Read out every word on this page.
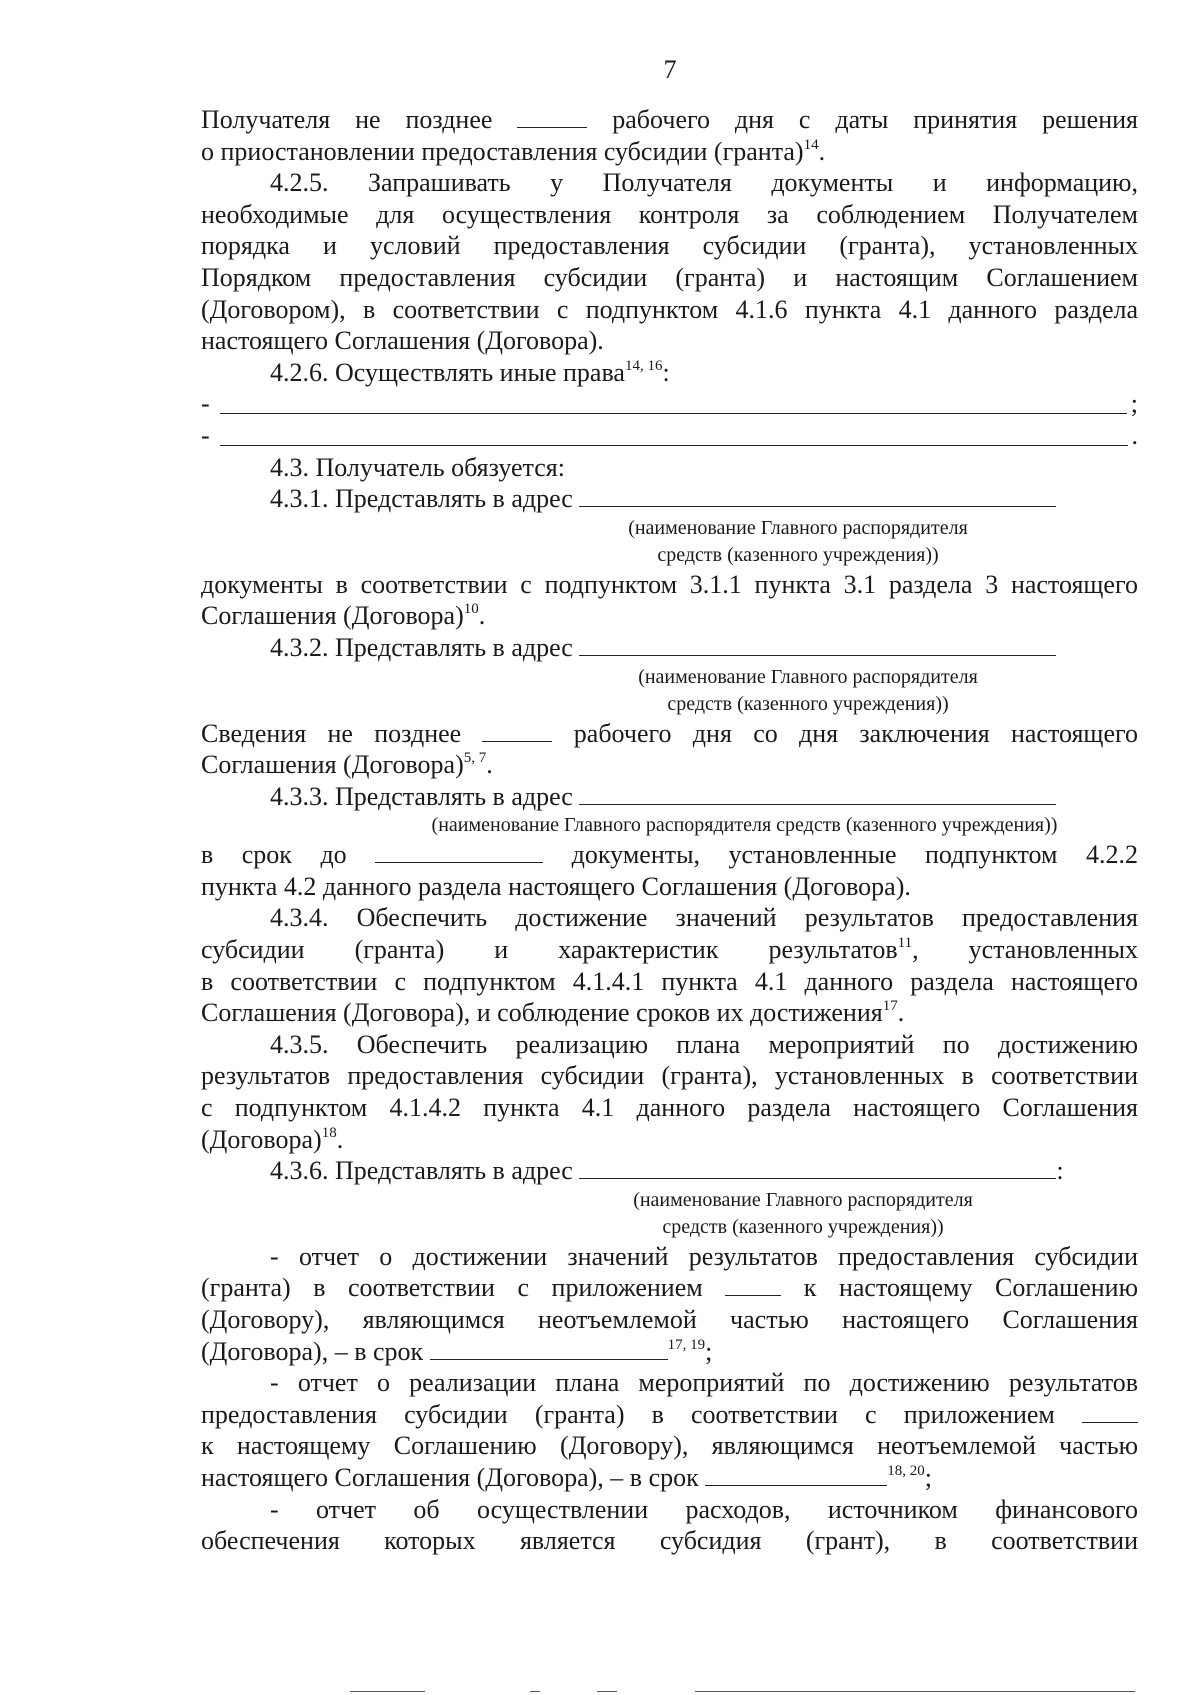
7
Получателя не позднее	рабочего дня с даты принятия решения
о приостановлении предоставления субсидии (гранта)$^{14}$.
4.2.5. Запрашивать у Получателя документы и информацию,
необходимые для осуществления контроля за соблюдением Получателем
порядка и условий предоставления субсидии (гранта), установленных
Порядком предоставления субсидии (гранта) и настоящим Соглашением
(Договором), в соответствии с подпунктом 4.1.6 пункта 4.1 данного раздела
настоящего Соглашения (Договора).
4.2.6. Осуществлять иные права$^{14, 16}$:
-	;
-	.
4.3. Получатель обязуется:
4.3.1. Представлять в адрес
(наименование Главного распорядителя
средств (казенного учреждения))
документы в соответствии с подпунктом 3.1.1 пункта 3.1 раздела 3 настоящего
Соглашения (Договора)$^{10}$.
4.3.2. Представлять в адрес
(наименование Главного распорядителя
средств (казенного учреждения))
Сведения не позднее	рабочего дня со дня заключения настоящего
Соглашения (Договора)$^{5, 7}$.
4.3.3. Представлять в адрес
(наименование Главного распорядителя средств (казенного учреждения))
в срок до	документы, установленные подпунктом 4.2.2
пункта 4.2 данного раздела настоящего Соглашения (Договора).
4.3.4. Обеспечить достижение значений результатов предоставления
субсидии (гранта) и характеристик результатов$^{11}$, установленных
в соответствии с подпунктом 4.1.4.1 пункта 4.1 данного раздела настоящего
Соглашения (Договора), и соблюдение сроков их достижения$^{17}$.
4.3.5. Обеспечить реализацию плана мероприятий по достижению
результатов предоставления субсидии (гранта), установленных в соответствии
с подпунктом 4.1.4.2 пункта 4.1 данного раздела настоящего Соглашения
(Договора)$^{18}$.
4.3.6. Представлять в адрес	:
(наименование Главного распорядителя
средств (казенного учреждения))
- отчет о достижении значений результатов предоставления субсидии
(гранта) в соответствии с приложением	к настоящему Соглашению
(Договору), являющимся неотъемлемой частью настоящего Соглашения
(Договора), – в срок	$^{17, 19}$;
- отчет о реализации плана мероприятий по достижению результатов
предоставления субсидии (гранта) в соответствии с приложением
к настоящему Соглашению (Договору), являющимся неотъемлемой частью
настоящего Соглашения (Договора), – в срок	$^{18, 20}$;
- отчет об осуществлении расходов, источником финансового
обеспечения которых является субсидия (грант), в соответствии
